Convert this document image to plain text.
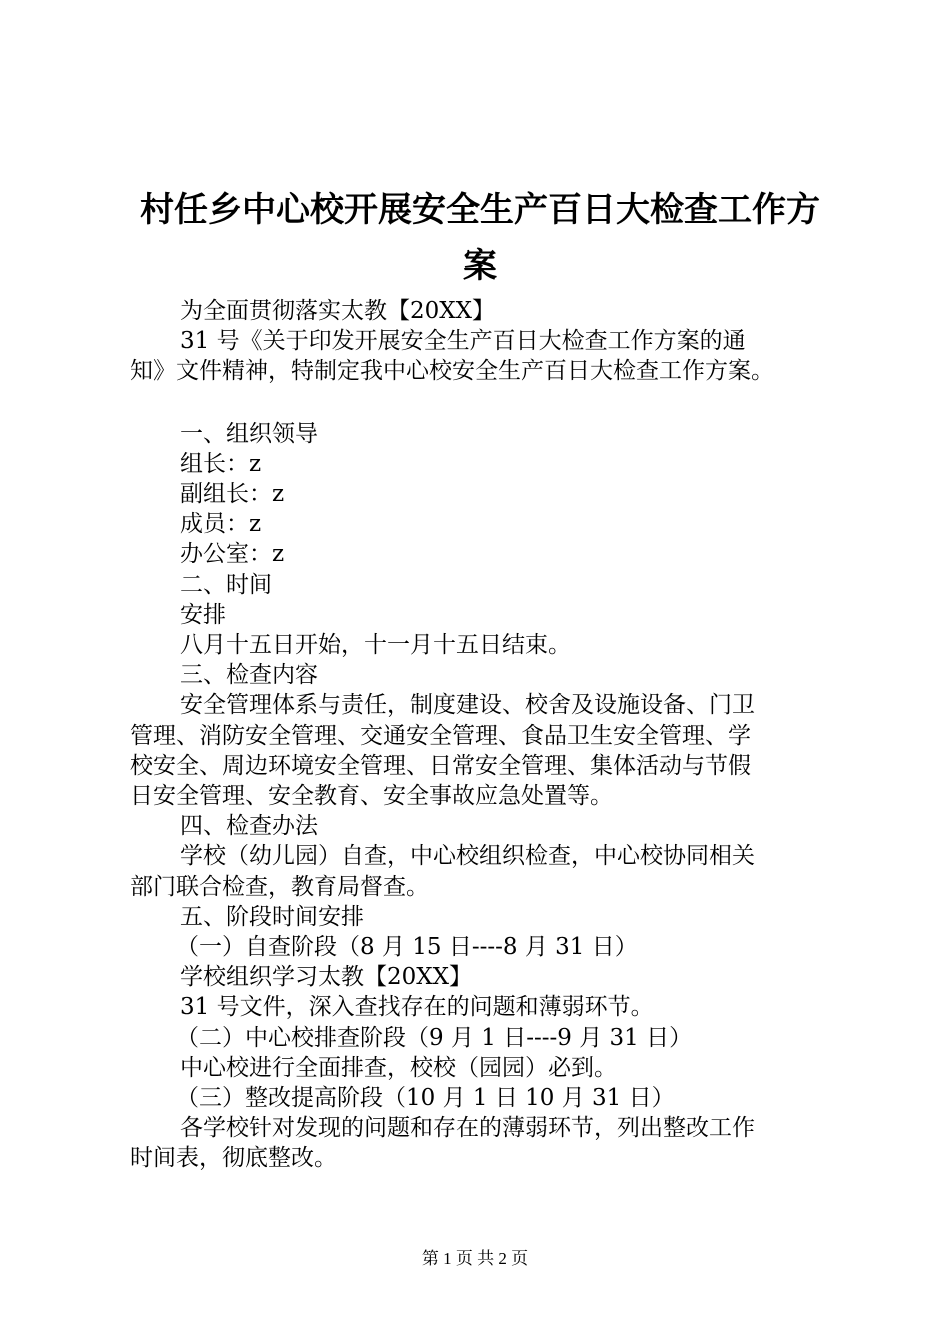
村任乡中心校开展安全生产百日大检查工作方
案

为全面贯彻落实太教【20XX】

31 号《关于印发开展安全生产百日大检查工作方案的通

知》文件精神，特制定我中心校安全生产百日大检查工作方案。

一、组织领导

组长：z

副组长：z

成员：z

办公室：z

二、时间

安排

八月十五日开始，十一月十五日结束。

三、检查内容

安全管理体系与责任，制度建设、校舍及设施设备、门卫

管理、消防安全管理、交通安全管理、食品卫生安全管理、学

校安全、周边环境安全管理、日常安全管理、集体活动与节假

日安全管理、安全教育、安全事故应急处置等。

四、检查办法

学校（幼儿园）自查，中心校组织检查，中心校协同相关

部门联合检查，教育局督查。

五、阶段时间安排

（一）自查阶段（8 月 15 日----8 月 31 日）

学校组织学习太教【20XX】

31 号文件，深入查找存在的问题和薄弱环节。

（二）中心校排查阶段（9 月 1 日----9 月 31 日）

中心校进行全面排查，校校（园园）必到。

（三）整改提高阶段（10 月 1 日 10 月 31 日）

各学校针对发现的问题和存在的薄弱环节，列出整改工作

时间表，彻底整改。

第 1 页 共 2 页
